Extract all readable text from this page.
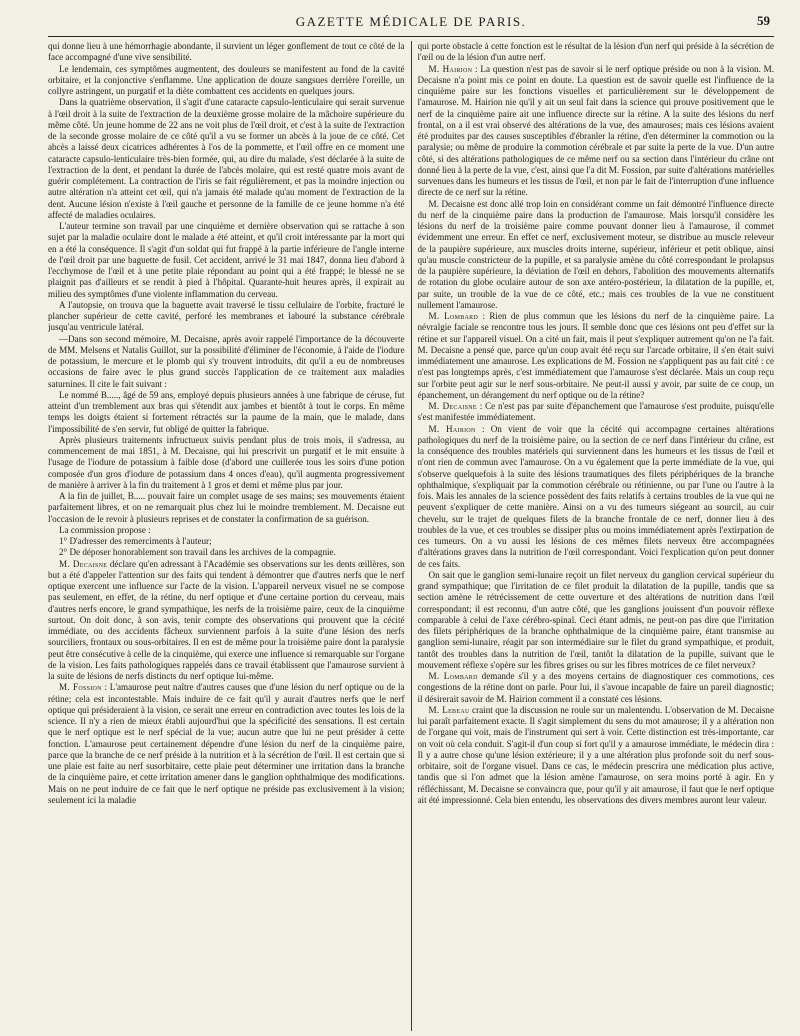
GAZETTE MÉDICALE DE PARIS.	59

qui donne lieu à une hémorrhagie abondante, il survient un léger gonflement de tout ce côté de la face accompagné d'une vive sensibilité.

Le lendemain, ces symptômes augmentent, des douleurs se manifestent au fond de la cavité orbitaire, et la conjonctive s'enflamme. Une application de douze sangsues derrière l'oreille, un collyre astringent, un purgatif et la diète combattent ces accidents en quelques jours.

Dans la quatrième observation, il s'agit d'une cataracte capsulo-lenticulaire qui serait survenue à l'œil droit à la suite de l'extraction de la deuxième grosse molaire de la mâchoire supérieure du même côté. Un jeune homme de 22 ans ne voit plus de l'œil droit, et c'est à la suite de l'extraction de la seconde grosse molaire de ce côté qu'il a vu se former un abcès à la joue de ce côté. Cet abcès a laissé deux cicatrices adhérentes à l'os de la pommette, et l'œil offre en ce moment une cataracte capsulo-lenticulaire très-bien formée, qui, au dire du malade, s'est déclarée à la suite de l'extraction de la dent, et pendant la durée de l'abcès molaire, qui est resté quatre mois avant de guérir complétement. La contraction de l'iris se fait régulièrement, et pas la moindre injection ou autre altération n'a atteint cet œil, qui n'a jamais été malade qu'au moment de l'extraction de la dent. Aucune lésion n'existe à l'œil gauche et personne de la famille de ce jeune homme n'a été affecté de maladies oculaires.

L'auteur termine son travail par une cinquième et dernière observation qui se rattache à son sujet par la maladie oculaire dont le malade a été atteint, et qu'il croit intéressante par la mort qui en a été la conséquence. Il s'agit d'un soldat qui fut frappé à la partie inférieure de l'angle interne de l'œil droit par une baguette de fusil. Cet accident, arrivé le 31 mai 1847, donna lieu d'abord à l'ecchymose de l'œil et à une petite plaie répondant au point qui a été frappé; le blessé ne se plaignit pas d'ailleurs et se rendit à pied à l'hôpital. Quarante-huit heures après, il expirait au milieu des symptômes d'une violente inflammation du cerveau.

A l'autopsie, on trouva que la baguette avait traversé le tissu cellulaire de l'orbite, fracturé le plancher supérieur de cette cavité, perforé les membranes et labouré la substance cérébrale jusqu'au ventricule latéral.

—Dans son second mémoire, M. Decaisne, après avoir rappelé l'importance de la découverte de MM. Melsens et Natalis Guillot, sur la possibilité d'éliminer de l'économie, à l'aide de l'iodure de potassium, le mercure et le plomb qui s'y trouvent introduits, dit qu'il a eu de nombreuses occasions de faire avec le plus grand succès l'application de ce traitement aux maladies saturnines. Il cite le fait suivant :

Le nommé B....., âgé de 59 ans, employé depuis plusieurs années à une fabrique de céruse, fut atteint d'un tremblement aux bras qui s'étendit aux jambes et bientôt à tout le corps. En même temps les doigts étaient si fortement rétractés sur la paume de la main, que le malade, dans l'impossibilité de s'en servir, fut obligé de quitter la fabrique.

Après plusieurs traitements infructueux suivis pendant plus de trois mois, il s'adressa, au commencement de mai 1851, à M. Decaisne, qui lui prescrivit un purgatif et le mit ensuite à l'usage de l'iodure de potassium à faible dose (d'abord une cuillerée tous les soirs d'une potion composée d'un gros d'iodure de potassium dans 4 onces d'eau), qu'il augmenta progressivement de manière à arriver à la fin du traitement à 1 gros et demi et même plus par jour.

A la fin de juillet, B..... pouvait faire un complet usage de ses mains; ses mouvements étaient parfaitement libres, et on ne remarquait plus chez lui le moindre tremblement. M. Decaisne eut l'occasion de le revoir à plusieurs reprises et de constater la confirmation de sa guérison.

La commission propose :

1° D'adresser des remerciments à l'auteur;

2° De déposer honorablement son travail dans les archives de la compagnie.

M. Decaisne déclare qu'en adressant à l'Académie ses observations sur les dents œillères, son but a été d'appeler l'attention sur des faits qui tendent à démontrer que d'autres nerfs que le nerf optique exercent une influence sur l'acte de la vision. L'appareil nerveux visuel ne se compose pas seulement, en effet, de la rétine, du nerf optique et d'une certaine portion du cerveau, mais d'autres nerfs encore, le grand sympathique, les nerfs de la troisième paire, ceux de la cinquième surtout. On doit donc, à son avis, tenir compte des observations qui prouvent que la cécité immédiate, ou des accidents fâcheux surviennent parfois à la suite d'une lésion des nerfs sourciliers, frontaux ou sous-orbitaires. Il en est de même pour la troisième paire dont la paralysie peut être consécutive à celle de la cinquième, qui exerce une influence si remarquable sur l'organe de la vision. Les faits pathologiques rappelés dans ce travail établissent que l'amaurose survient à la suite de lésions de nerfs distincts du nerf optique lui-même.

M. Fossion : L'amaurose peut naître d'autres causes que d'une lésion du nerf optique ou de la rétine; cela est incontestable. Mais induire de ce fait qu'il y aurait d'autres nerfs que le nerf optique qui présideraient à la vision, ce serait une erreur en contradiction avec toutes les lois de la science. Il n'y a rien de mieux établi aujourd'hui que la spécificité des sensations. Il est certain que le nerf optique est le nerf spécial de la vue; aucun autre que lui ne peut présider à cette fonction. L'amaurose peut certainement dépendre d'une lésion du nerf de la cinquième paire, parce que la branche de ce nerf préside à la nutrition et à la sécrétion de l'œil. Il est certain que si une plaie est faite au nerf susorbitaire, cette plaie peut déterminer une irritation dans la branche de la cinquième paire, et cette irritation amener dans le ganglion ophthalmique des modifications. Mais on ne peut induire de ce fait que le nerf optique ne préside pas exclusivement à la vision; seulement ici la maladie

qui porte obstacle à cette fonction est le résultat de la lésion d'un nerf qui préside à la sécrétion de l'œil ou de la lésion d'un autre nerf.

M. Hairion : La question n'est pas de savoir si le nerf optique préside ou non à la vision. M. Decaisne n'a point mis ce point en doute. La question est de savoir quelle est l'influence de la cinquième paire sur les fonctions visuelles et particulièrement sur le développement de l'amaurose. M. Hairion nie qu'il y ait un seul fait dans la science qui prouve positivement que le nerf de la cinquième paire ait une influence directe sur la rétine. A la suite des lésions du nerf frontal, on a il est vrai observé des altérations de la vue, des amauroses; mais ces lésions avaient été produites par des causes susceptibles d'ébranler la rétine, d'en déterminer la commotion ou la paralysie; ou même de produire la commotion cérébrale et par suite la perte de la vue. D'un autre côté, si des altérations pathologiques de ce même nerf ou sa section dans l'intérieur du crâne ont donné lieu à la perte de la vue, c'est, ainsi que l'a dit M. Fossion, par suite d'altérations matérielles survenues dans les humeurs et les tissus de l'œil, et non par le fait de l'interruption d'une influence directe de ce nerf sur la rétine.

M. Decaisne est donc allé trop loin en considérant comme un fait démontré l'influence directe du nerf de la cinquième paire dans la production de l'amaurose. Mais lorsqu'il considère les lésions du nerf de la troisième paire comme pouvant donner lieu à l'amaurose, il commet évidemment une erreur. En effet ce nerf, exclusivement moteur, se distribue au muscle releveur de la paupière supérieure, aux muscles droits interne, supérieur, inférieur et petit oblique, ainsi qu'au muscle constricteur de la pupille, et sa paralysie amène du côté correspondant le prolapsus de la paupière supérieure, la déviation de l'œil en dehors, l'abolition des mouvements alternatifs de rotation du globe oculaire autour de son axe antéro-postérieur, la dilatation de la pupille, et, par suite, un trouble de la vue de ce côté, etc.; mais ces troubles de la vue ne constituent nullement l'amaurose.

M. Lombard : Rien de plus commun que les lésions du nerf de la cinquième paire. La névralgie faciale se rencontre tous les jours. Il semble donc que ces lésions ont peu d'effet sur la rétine et sur l'appareil visuel. On a cité un fait, mais il peut s'expliquer autrement qu'on ne l'a fait. M. Decaisne a pensé que, parce qu'un coup avait été reçu sur l'arcade orbitaire, il s'en était suivi immédiatement une amaurose. Les explications de M. Fossion ne s'appliquent pas au fait cité : ce n'est pas longtemps après, c'est immédiatement que l'amaurose s'est déclarée. Mais un coup reçu sur l'orbite peut agir sur le nerf sous-orbitaire. Ne peut-il aussi y avoir, par suite de ce coup, un épanchement, un dérangement du nerf optique ou de la rétine?

M. Decaisne : Ce n'est pas par suite d'épanchement que l'amaurose s'est produite, puisqu'elle s'est manifestée immédiatement.

M. Hairion : On vient de voir que la cécité qui accompagne certaines altérations pathologiques du nerf de la troisième paire, ou la section de ce nerf dans l'intérieur du crâne, est la conséquence des troubles matériels qui surviennent dans les humeurs et les tissus de l'œil et n'ont rien de commun avec l'amaurose. On a vu également que la perte immédiate de la vue, qui s'observe quelquefois à la suite des lésions traumatiques des filets périphériques de la branche ophthalmique, s'expliquait par la commotion cérébrale ou rétinienne, ou par l'une ou l'autre à la fois. Mais les annales de la science possèdent des faits relatifs à certains troubles de la vue qui ne peuvent s'expliquer de cette manière. Ainsi on a vu des tumeurs siégeant au sourcil, au cuir chevelu, sur le trajet de quelques filets de la branche frontale de ce nerf, donner lieu à des troubles de la vue, et ces troubles se dissiper plus ou moins immédiatement après l'extirpation de ces tumeurs. On a vu aussi les lésions de ces mêmes filets nerveux être accompagnées d'altérations graves dans la nutrition de l'œil correspondant. Voici l'explication qu'on peut donner de ces faits.

On sait que le ganglion semi-lunaire reçoit un filet nerveux du ganglion cervical supérieur du grand sympathique; que l'irritation de ce filet produit la dilatation de la pupille, tandis que sa section amène le rétrécissement de cette ouverture et des altérations de nutrition dans l'œil correspondant; il est reconnu, d'un autre côté, que les ganglions jouissent d'un pouvoir réflexe comparable à celui de l'axe cérébro-spinal. Ceci étant admis, ne peut-on pas dire que l'irritation des filets périphériques de la branche ophthalmique de la cinquième paire, étant transmise au ganglion semi-lunaire, réagit par son intermédiaire sur le filet du grand sympathique, et produit, tantôt des troubles dans la nutrition de l'œil, tantôt la dilatation de la pupille, suivant que le mouvement réflexe s'opère sur les fibres grises ou sur les fibres motrices de ce filet nerveux?

M. Lombard demande s'il y a des moyens certains de diagnostiquer ces commotions, ces congestions de la rétine dont on parle. Pour lui, il s'avoue incapable de faire un pareil diagnostic; il désirerait savoir de M. Hairion comment il a constaté ces lésions.

M. Lebeau craint que la discussion ne roule sur un malentendu. L'observation de M. Decaisne lui paraît parfaitement exacte. Il s'agit simplement du sens du mot amaurose; il y a altération non de l'organe qui voit, mais de l'instrument qui sert à voir. Cette distinction est très-importante, car on voit où cela conduit. S'agit-il d'un coup si fort qu'il y a amaurose immédiate, le médecin dira : Il y a autre chose qu'une lésion extérieure; il y a une altération plus profonde soit du nerf sous-orbitaire, soit de l'organe visuel. Dans ce cas, le médecin prescrira une médication plus active, tandis que si l'on admet que la lésion amène l'amaurose, on sera moins porté à agir. En y réfléchissant, M. Decaisne se convaincra que, pour qu'il y ait amaurose, il faut que le nerf optique ait été impressionné. Cela bien entendu, les observations des divers membres auront leur valeur.
